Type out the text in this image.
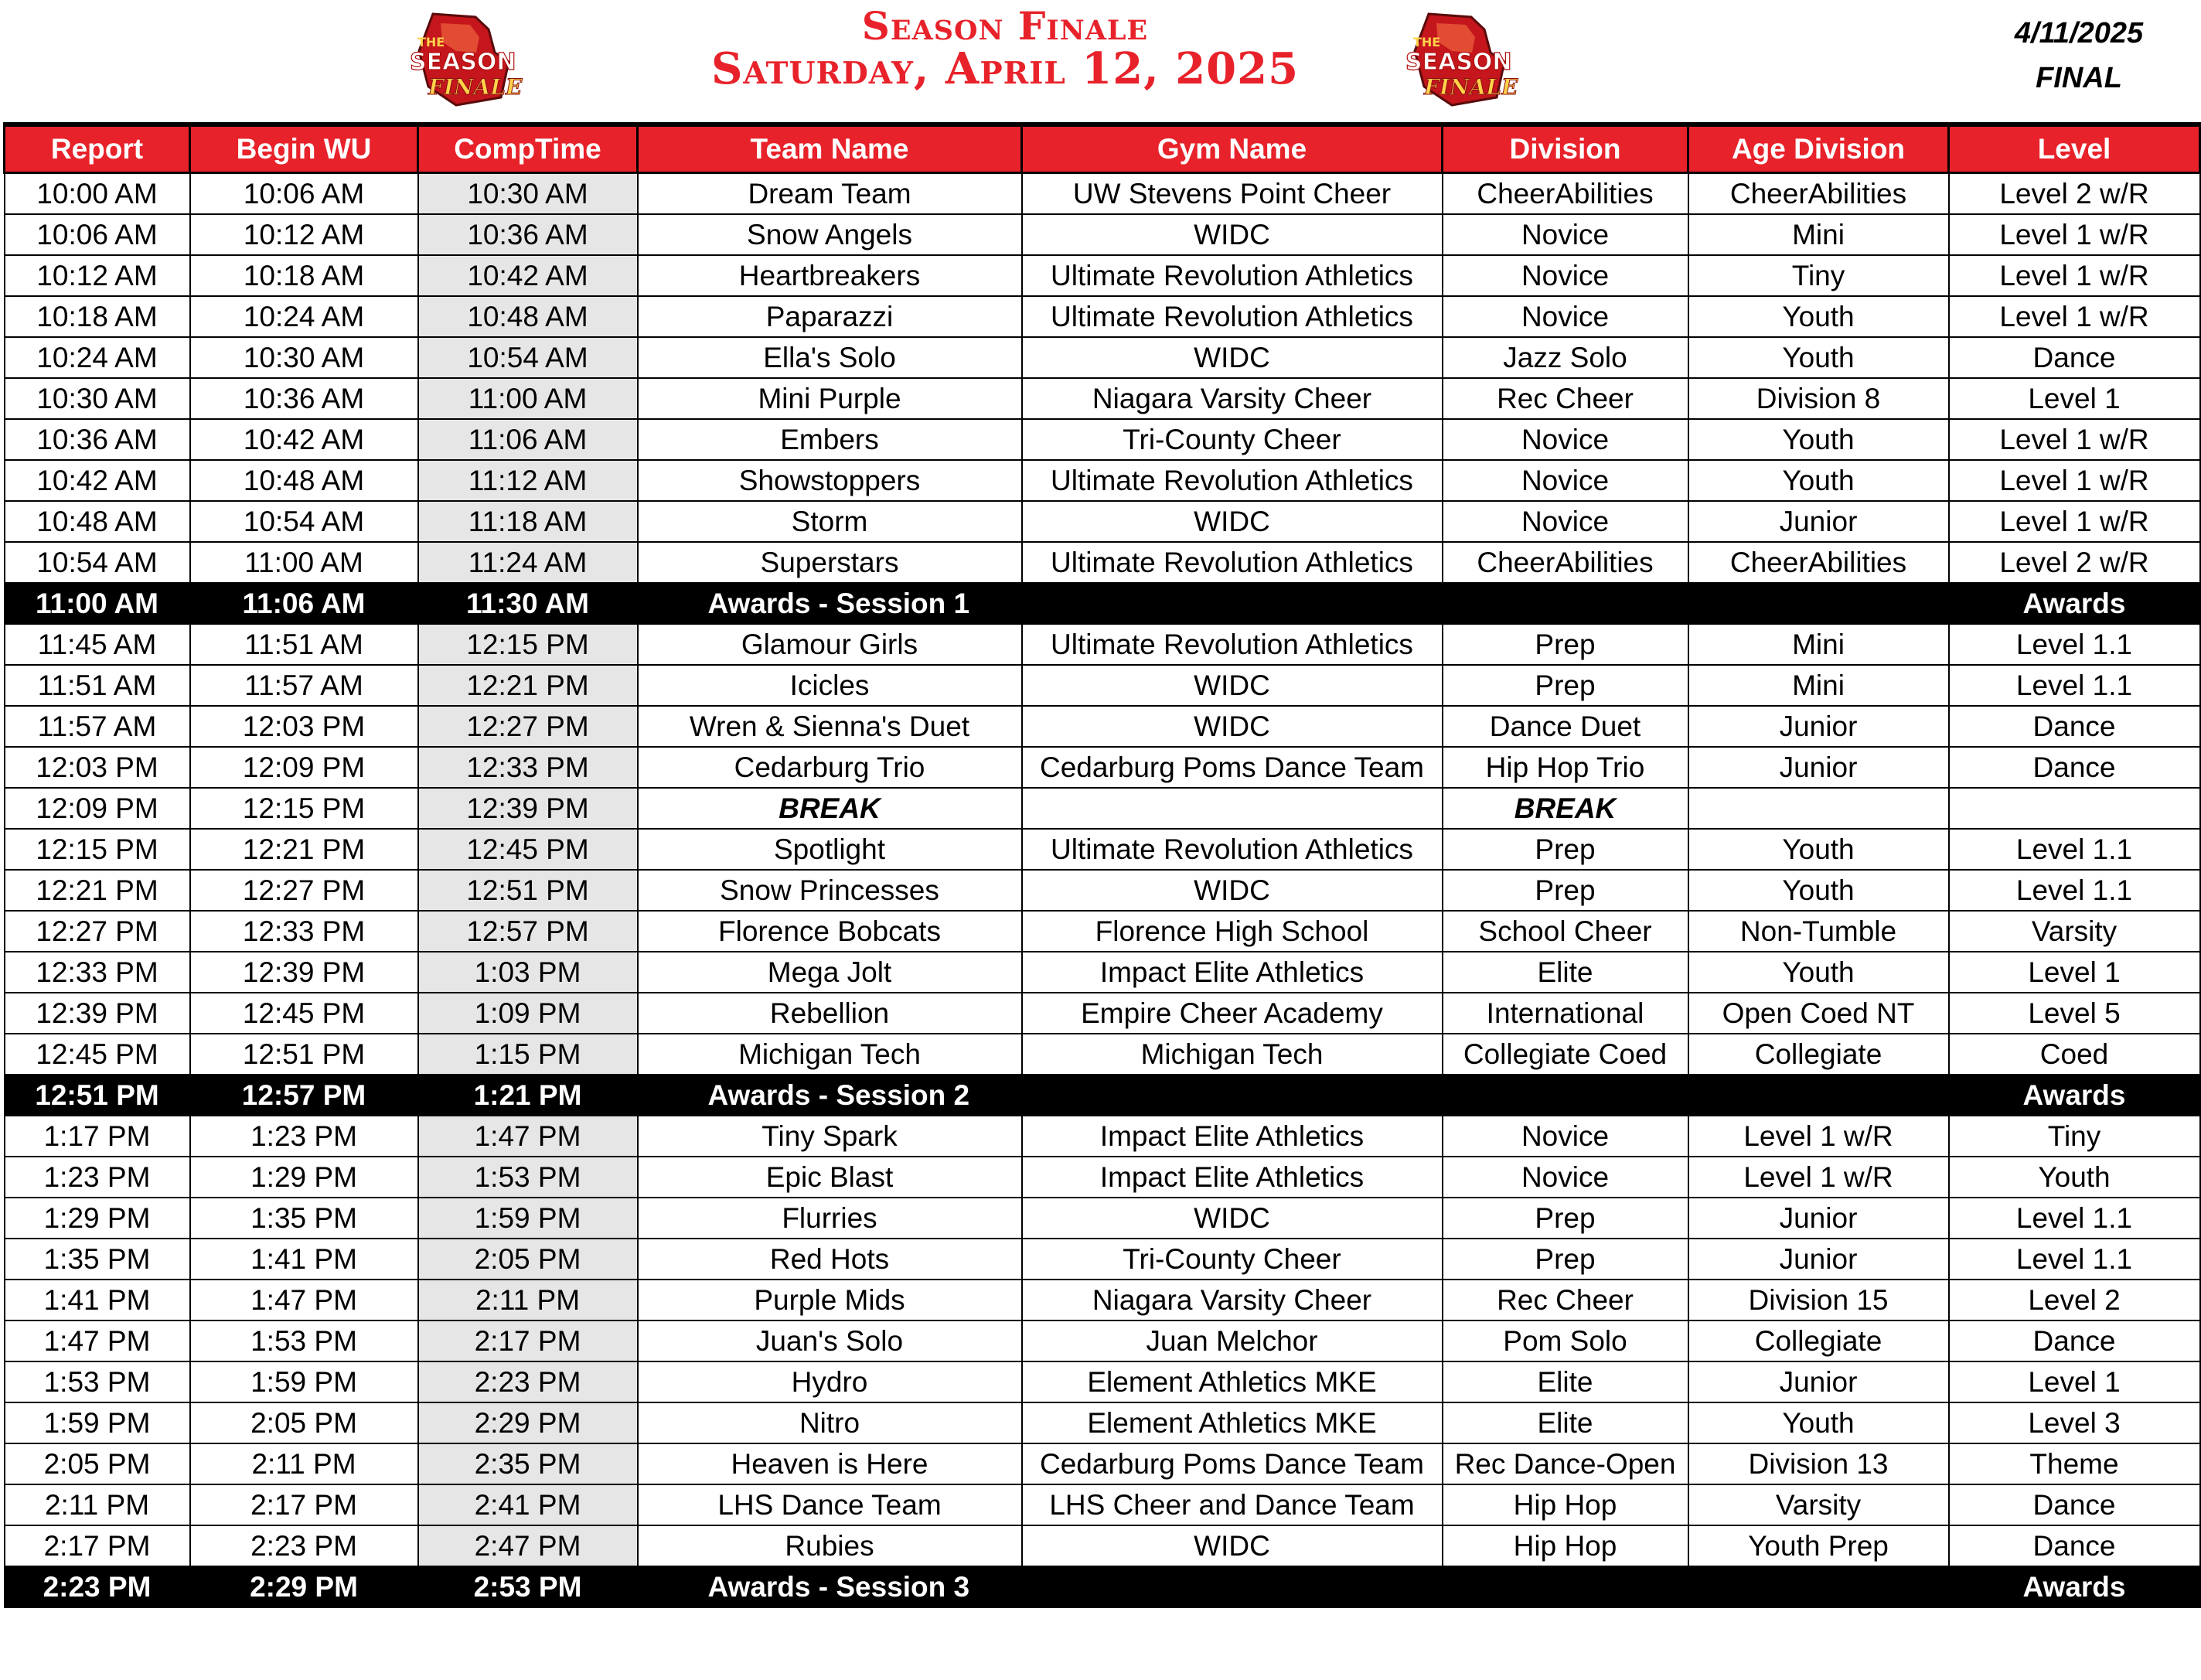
THE
SEASON
FINALE
Season Finale
Saturday, April 12, 2025
THE
SEASON
FINALE
4/11/2025
FINAL
Report	Begin WU	CompTime	Team Name	Gym Name	Division	Age Division	Level
10:00 AM	10:06 AM	10:30 AM	Dream Team	UW Stevens Point Cheer	CheerAbilities	CheerAbilities	Level 2 w/R
10:06 AM	10:12 AM	10:36 AM	Snow Angels	WIDC	Novice	Mini	Level 1 w/R
10:12 AM	10:18 AM	10:42 AM	Heartbreakers	Ultimate Revolution Athletics	Novice	Tiny	Level 1 w/R
10:18 AM	10:24 AM	10:48 AM	Paparazzi	Ultimate Revolution Athletics	Novice	Youth	Level 1 w/R
10:24 AM	10:30 AM	10:54 AM	Ella's Solo	WIDC	Jazz Solo	Youth	Dance
10:30 AM	10:36 AM	11:00 AM	Mini Purple	Niagara Varsity Cheer	Rec Cheer	Division 8	Level 1
10:36 AM	10:42 AM	11:06 AM	Embers	Tri-County Cheer	Novice	Youth	Level 1 w/R
10:42 AM	10:48 AM	11:12 AM	Showstoppers	Ultimate Revolution Athletics	Novice	Youth	Level 1 w/R
10:48 AM	10:54 AM	11:18 AM	Storm	WIDC	Novice	Junior	Level 1 w/R
10:54 AM	11:00 AM	11:24 AM	Superstars	Ultimate Revolution Athletics	CheerAbilities	CheerAbilities	Level 2 w/R
11:00 AM	11:06 AM	11:30 AM	Awards - Session 1				Awards
11:45 AM	11:51 AM	12:15 PM	Glamour Girls	Ultimate Revolution Athletics	Prep	Mini	Level 1.1
11:51 AM	11:57 AM	12:21 PM	Icicles	WIDC	Prep	Mini	Level 1.1
11:57 AM	12:03 PM	12:27 PM	Wren & Sienna's Duet	WIDC	Dance Duet	Junior	Dance
12:03 PM	12:09 PM	12:33 PM	Cedarburg Trio	Cedarburg Poms Dance Team	Hip Hop Trio	Junior	Dance
12:09 PM	12:15 PM	12:39 PM	BREAK		BREAK		
12:15 PM	12:21 PM	12:45 PM	Spotlight	Ultimate Revolution Athletics	Prep	Youth	Level 1.1
12:21 PM	12:27 PM	12:51 PM	Snow Princesses	WIDC	Prep	Youth	Level 1.1
12:27 PM	12:33 PM	12:57 PM	Florence Bobcats	Florence High School	School Cheer	Non-Tumble	Varsity
12:33 PM	12:39 PM	1:03 PM	Mega Jolt	Impact Elite Athletics	Elite	Youth	Level 1
12:39 PM	12:45 PM	1:09 PM	Rebellion	Empire Cheer Academy	International	Open Coed NT	Level 5
12:45 PM	12:51 PM	1:15 PM	Michigan Tech	Michigan Tech	Collegiate Coed	Collegiate	Coed
12:51 PM	12:57 PM	1:21 PM	Awards - Session 2				Awards
1:17 PM	1:23 PM	1:47 PM	Tiny Spark	Impact Elite Athletics	Novice	Level 1 w/R	Tiny
1:23 PM	1:29 PM	1:53 PM	Epic Blast	Impact Elite Athletics	Novice	Level 1 w/R	Youth
1:29 PM	1:35 PM	1:59 PM	Flurries	WIDC	Prep	Junior	Level 1.1
1:35 PM	1:41 PM	2:05 PM	Red Hots	Tri-County Cheer	Prep	Junior	Level 1.1
1:41 PM	1:47 PM	2:11 PM	Purple Mids	Niagara Varsity Cheer	Rec Cheer	Division 15	Level 2
1:47 PM	1:53 PM	2:17 PM	Juan's Solo	Juan Melchor	Pom Solo	Collegiate	Dance
1:53 PM	1:59 PM	2:23 PM	Hydro	Element Athletics MKE	Elite	Junior	Level 1
1:59 PM	2:05 PM	2:29 PM	Nitro	Element Athletics MKE	Elite	Youth	Level 3
2:05 PM	2:11 PM	2:35 PM	Heaven is Here	Cedarburg Poms Dance Team	Rec Dance-Open	Division 13	Theme
2:11 PM	2:17 PM	2:41 PM	LHS Dance Team	LHS Cheer and Dance Team	Hip Hop	Varsity	Dance
2:17 PM	2:23 PM	2:47 PM	Rubies	WIDC	Hip Hop	Youth Prep	Dance
2:23 PM	2:29 PM	2:53 PM	Awards - Session 3				Awards
